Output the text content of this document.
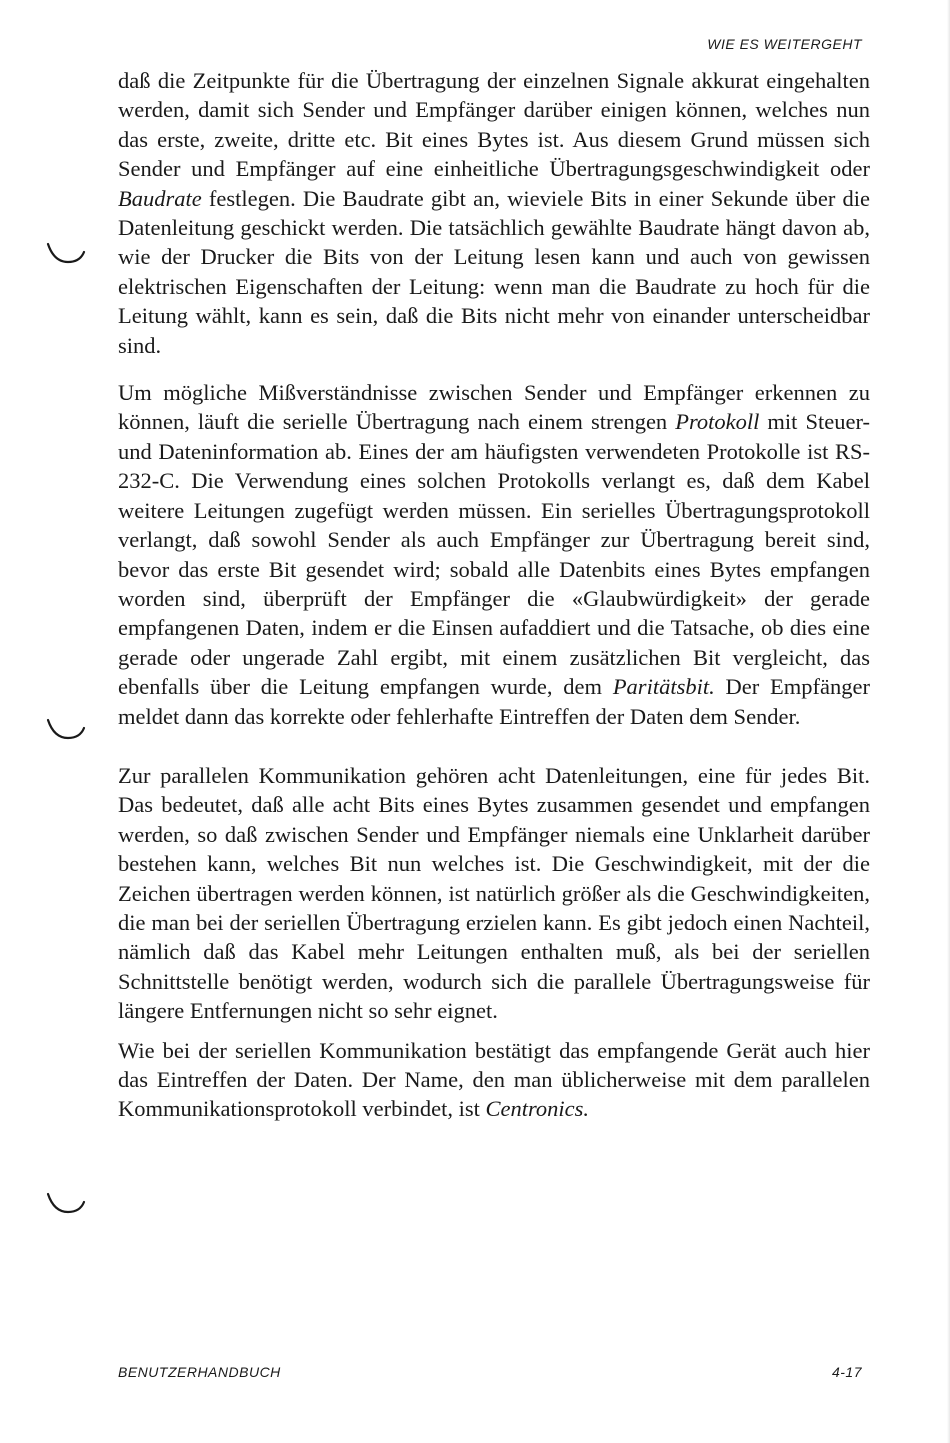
WIE ES WEITERGEHT

daß die Zeitpunkte für die Übertragung der einzelnen Signale akkurat eingehalten werden, damit sich Sender und Empfänger darüber einigen können, welches nun das erste, zweite, dritte etc. Bit eines Bytes ist. Aus diesem Grund müssen sich Sender und Empfänger auf eine einheitliche Übertragungsgeschwindigkeit oder Baudrate festlegen. Die Baudrate gibt an, wieviele Bits in einer Sekunde über die Datenleitung geschickt werden. Die tatsächlich gewählte Baudrate hängt davon ab, wie der Drucker die Bits von der Leitung lesen kann und auch von gewissen elektrischen Eigenschaften der Leitung: wenn man die Baudrate zu hoch für die Leitung wählt, kann es sein, daß die Bits nicht mehr von einander unterscheidbar sind.

Um mögliche Mißverständnisse zwischen Sender und Empfänger erkennen zu können, läuft die serielle Übertragung nach einem strengen Protokoll mit Steuer-und Dateninformation ab. Eines der am häufigsten verwendeten Protokolle ist RS-232-C. Die Verwendung eines solchen Protokolls verlangt es, daß dem Kabel weitere Leitungen zugefügt werden müssen. Ein serielles Übertragungsprotokoll verlangt, daß sowohl Sender als auch Empfänger zur Übertragung bereit sind, bevor das erste Bit gesendet wird; sobald alle Datenbits eines Bytes empfangen worden sind, überprüft der Empfänger die «Glaubwürdigkeit» der gerade empfangenen Daten, indem er die Einsen aufaddiert und die Tatsache, ob dies eine gerade oder ungerade Zahl ergibt, mit einem zusätzlichen Bit vergleicht, das ebenfalls über die Leitung empfangen wurde, dem Paritätsbit. Der Empfänger meldet dann das korrekte oder fehlerhafte Eintreffen der Daten dem Sender.

Zur parallelen Kommunikation gehören acht Datenleitungen, eine für jedes Bit. Das bedeutet, daß alle acht Bits eines Bytes zusammen gesendet und empfangen werden, so daß zwischen Sender und Empfänger niemals eine Unklarheit darüber bestehen kann, welches Bit nun welches ist. Die Geschwindigkeit, mit der die Zeichen übertragen werden können, ist natürlich größer als die Geschwindigkeiten, die man bei der seriellen Übertragung erzielen kann. Es gibt jedoch einen Nachteil, nämlich daß das Kabel mehr Leitungen enthalten muß, als bei der seriellen Schnittstelle benötigt werden, wodurch sich die parallele Übertragungsweise für längere Entfernungen nicht so sehr eignet.

Wie bei der seriellen Kommunikation bestätigt das empfangende Gerät auch hier das Eintreffen der Daten. Der Name, den man üblicherweise mit dem parallelen Kommunikationsprotokoll verbindet, ist Centronics.

BENUTZERHANDBUCH	4-17
